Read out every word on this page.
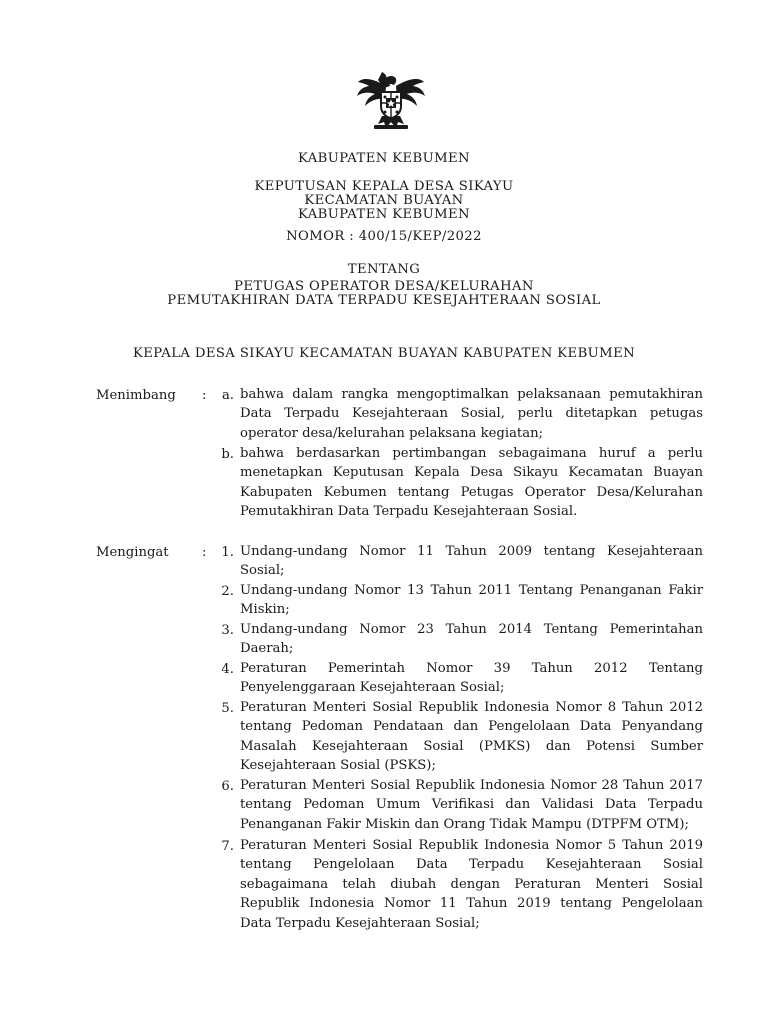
KABUPATEN KEBUMEN
KEPUTUSAN KEPALA DESA SIKAYU
KECAMATAN BUAYAN
KABUPATEN KEBUMEN
NOMOR : 400/15/KEP/2022
TENTANG
PETUGAS OPERATOR DESA/KELURAHAN
PEMUTAKHIRAN DATA TERPADU KESEJAHTERAAN SOSIAL
KEPALA DESA SIKAYU KECAMATAN BUAYAN KABUPATEN KEBUMEN
Menimbang :	a. bahwa dalam rangka mengoptimalkan pelaksanaan pemutakhiran
Data Terpadu Kesejahteraan Sosial, perlu ditetapkan petugas
operator desa/kelurahan pelaksana kegiatan;
b. bahwa berdasarkan pertimbangan sebagaimana huruf a perlu
menetapkan Keputusan Kepala Desa Sikayu Kecamatan Buayan
Kabupaten Kebumen tentang Petugas Operator Desa/Kelurahan
Pemutakhiran Data Terpadu Kesejahteraan Sosial.
Mengingat	:	1. Undang-undang Nomor 11 Tahun 2009 tentang Kesejahteraan
Sosial;
2. Undang-undang Nomor 13 Tahun 2011 Tentang Penanganan Fakir
Miskin;
3. Undang-undang Nomor 23 Tahun 2014 Tentang Pemerintahan
Daerah;
4. Peraturan Pemerintah Nomor 39 Tahun 2012 Tentang
Penyelenggaraan Kesejahteraan Sosial;
5. Peraturan Menteri Sosial Republik Indonesia Nomor 8 Tahun 2012
tentang Pedoman Pendataan dan Pengelolaan Data Penyandang
Masalah Kesejahteraan Sosial (PMKS) dan Potensi Sumber
Kesejahteraan Sosial (PSKS);
6. Peraturan Menteri Sosial Republik Indonesia Nomor 28 Tahun 2017
tentang Pedoman Umum Verifikasi dan Validasi Data Terpadu
Penanganan Fakir Miskin dan Orang Tidak Mampu (DTPFM OTM);
7. Peraturan Menteri Sosial Republik Indonesia Nomor 5 Tahun 2019
tentang Pengelolaan Data Terpadu Kesejahteraan Sosial
sebagaimana telah diubah dengan Peraturan Menteri Sosial
Republik Indonesia Nomor 11 Tahun 2019 tentang Pengelolaan
Data Terpadu Kesejahteraan Sosial;
